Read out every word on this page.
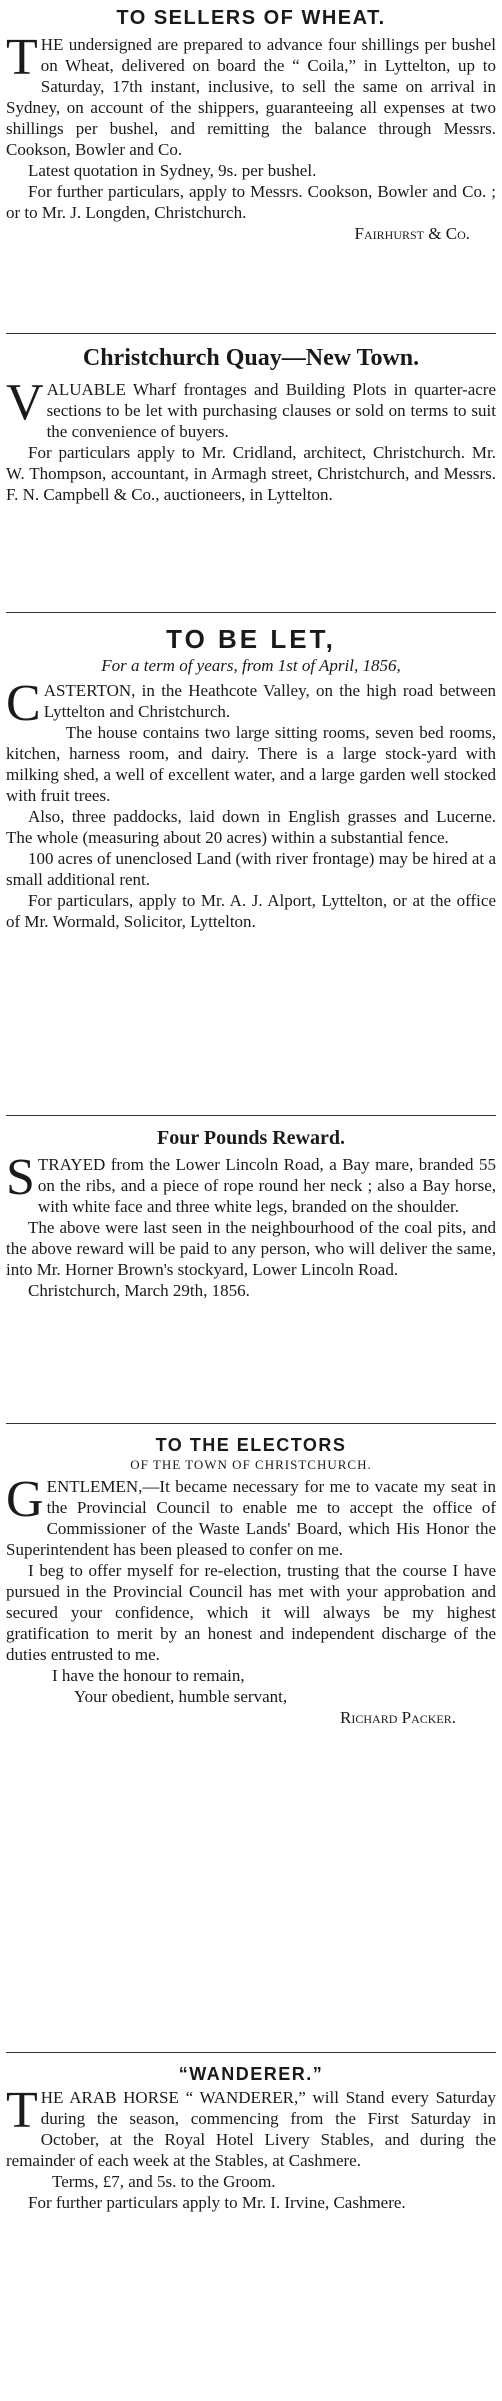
TO SELLERS OF WHEAT.

THE undersigned are prepared to advance four shillings per bushel on Wheat, delivered on board the “ Coila,” in Lyttelton, up to Saturday, 17th instant, inclusive, to sell the same on arrival in Sydney, on account of the shippers, guaranteeing all expenses at two shillings per bushel, and remitting the balance through Messrs. Cookson, Bowler and Co.

Latest quotation in Sydney, 9s. per bushel.

For further particulars, apply to Messrs. Cookson, Bowler and Co. ; or to Mr. J. Longden, Christchurch.

Fairhurst & Co.

Christchurch Quay—New Town.

VALUABLE Wharf frontages and Building Plots in quarter-acre sections to be let with purchasing clauses or sold on terms to suit the convenience of buyers.

For particulars apply to Mr. Cridland, architect, Christchurch. Mr. W. Thompson, accountant, in Armagh street, Christchurch, and Messrs. F. N. Campbell & Co., auctioneers, in Lyttelton.

TO BE LET,
For a term of years, from 1st of April, 1856,

CASTERTON, in the Heathcote Valley, on the high road between Lyttelton and Christchurch.

The house contains two large sitting rooms, seven bed rooms, kitchen, harness room, and dairy. There is a large stock-yard with milking shed, a well of excellent water, and a large garden well stocked with fruit trees.

Also, three paddocks, laid down in English grasses and Lucerne. The whole (measuring about 20 acres) within a substantial fence.

100 acres of unenclosed Land (with river frontage) may be hired at a small additional rent.

For particulars, apply to Mr. A. J. Alport, Lyttelton, or at the office of Mr. Wormald, Solicitor, Lyttelton.

Four Pounds Reward.

STRAYED from the Lower Lincoln Road, a Bay mare, branded 55 on the ribs, and a piece of rope round her neck ; also a Bay horse, with white face and three white legs, branded on the shoulder.

The above were last seen in the neighbourhood of the coal pits, and the above reward will be paid to any person, who will deliver the same, into Mr. Horner Brown's stockyard, Lower Lincoln Road.

Christchurch, March 29th, 1856.

TO THE ELECTORS
OF THE TOWN OF CHRISTCHURCH.

GENTLEMEN,—It became necessary for me to vacate my seat in the Provincial Council to enable me to accept the office of Commissioner of the Waste Lands' Board, which His Honor the Superintendent has been pleased to confer on me.

I beg to offer myself for re-election, trusting that the course I have pursued in the Provincial Council has met with your approbation and secured your confidence, which it will always be my highest gratification to merit by an honest and independent discharge of the duties entrusted to me.

I have the honour to remain,

Your obedient, humble servant,

Richard Packer.

“WANDERER.”

THE ARAB HORSE “ WANDERER,” will Stand every Saturday during the season, commencing from the First Saturday in October, at the Royal Hotel Livery Stables, and during the remainder of each week at the Stables, at Cashmere.

Terms, £7, and 5s. to the Groom.

For further particulars apply to Mr. I. Irvine, Cashmere.
